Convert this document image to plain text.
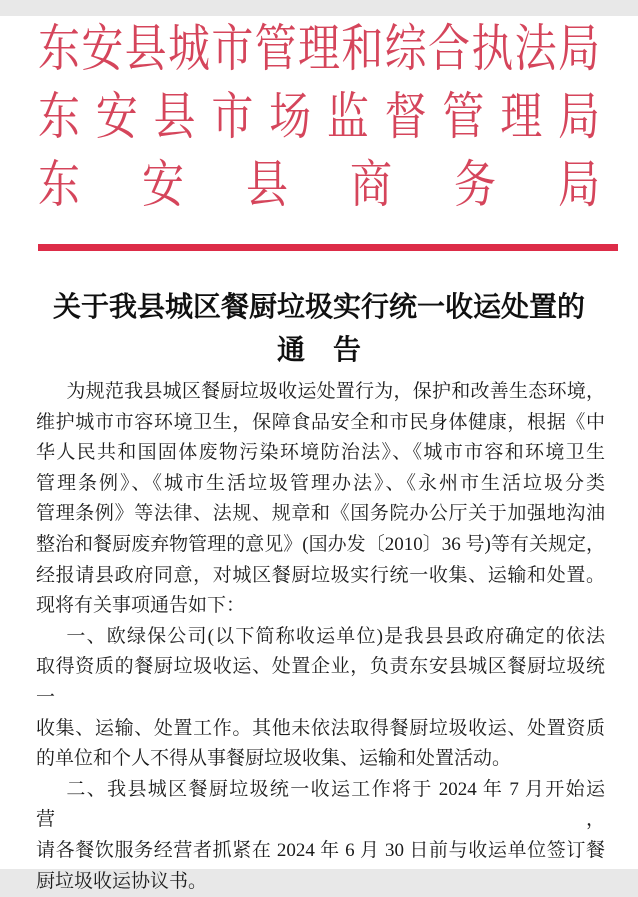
东安县城市管理和综合执法局
东安县市场监督管理局
东安县商务局
关于我县城区餐厨垃圾实行统一收运处置的
通　告

为规范我县城区餐厨垃圾收运处置行为，保护和改善生态环境，
维护城市市容环境卫生，保障食品安全和市民身体健康，根据《中
华人民共和国固体废物污染环境防治法》、《城市市容和环境卫生
管理条例》、《城市生活垃圾管理办法》、《永州市生活垃圾分类
管理条例》等法律、法规、规章和《国务院办公厅关于加强地沟油
整治和餐厨废弃物管理的意见》(国办发〔2010〕36 号)等有关规定，
经报请县政府同意，对城区餐厨垃圾实行统一收集、运输和处置。
现将有关事项通告如下：

一、欧绿保公司(以下简称收运单位)是我县县政府确定的依法
取得资质的餐厨垃圾收运、处置企业，负责东安县城区餐厨垃圾统一
收集、运输、处置工作。其他未依法取得餐厨垃圾收运、处置资质
的单位和个人不得从事餐厨垃圾收集、运输和处置活动。

二、我县城区餐厨垃圾统一收运工作将于 2024 年 7 月开始运营，
请各餐饮服务经营者抓紧在 2024 年 6 月 30 日前与收运单位签订餐
厨垃圾收运协议书。
